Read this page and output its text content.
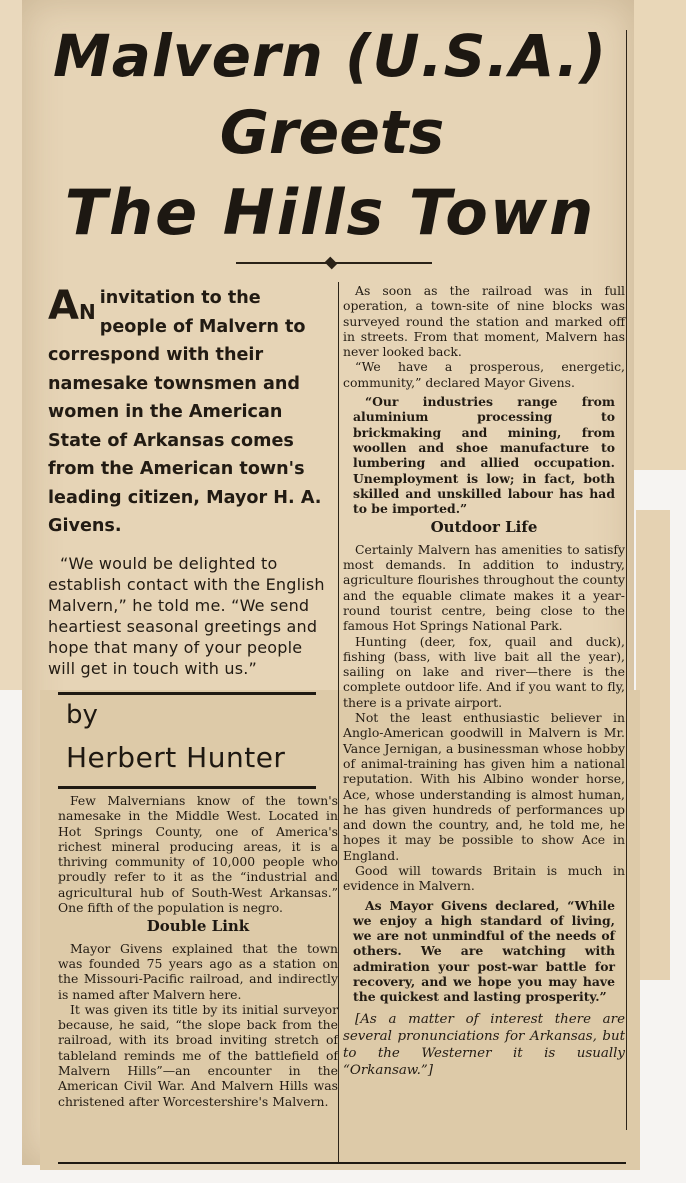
Malvern (U.S.A.)
Greets
The Hills Town
AN
invitation to the people of Malvern to correspond with their namesake townsmen and women in the American State of Arkansas comes from the American town's leading citizen, Mayor H. A. Givens.
“We would be delighted to establish contact with the English Malvern,” he told me. “We send heartiest seasonal greetings and hope that many of your people will get in touch with us.”
by
Herbert Hunter

Few Malvernians know of the town's namesake in the Middle West. Located in Hot Springs County, one of America's richest mineral producing areas, it is a thriving community of 10,000 people who proudly refer to it as the “industrial and agricultural hub of South-West Arkansas.” One fifth of the population is negro.

Double Link

Mayor Givens explained that the town was founded 75 years ago as a station on the Missouri-Pacific railroad, and indirectly is named after Malvern here.

It was given its title by its initial surveyor because, he said, “the slope back from the railroad, with its broad inviting stretch of tableland reminds me of the battlefield of Malvern Hills”—an encounter in the American Civil War. And Malvern Hills was christened after Worcestershire's Malvern.

As soon as the railroad was in full operation, a town-site of nine blocks was surveyed round the station and marked off in streets. From that moment, Malvern has never looked back.

“We have a prosperous, energetic, community,” declared Mayor Givens.

“Our industries range from aluminium processing to brickmaking and mining, from woollen and shoe manufacture to lumbering and allied occupation. Unemployment is low; in fact, both skilled and unskilled labour has had to be imported.”

Outdoor Life

Certainly Malvern has amenities to satisfy most demands. In addition to industry, agriculture flourishes throughout the county and the equable climate makes it a year-round tourist centre, being close to the famous Hot Springs National Park.

Hunting (deer, fox, quail and duck), fishing (bass, with live bait all the year), sailing on lake and river—there is the complete outdoor life. And if you want to fly, there is a private airport.

Not the least enthusiastic believer in Anglo-American goodwill in Malvern is Mr. Vance Jernigan, a businessman whose hobby of animal-training has given him a national reputation. With his Albino wonder horse, Ace, whose understanding is almost human, he has given hundreds of performances up and down the country, and, he told me, he hopes it may be possible to show Ace in England.

Good will towards Britain is much in evidence in Malvern.

As Mayor Givens declared, “While we enjoy a high standard of living, we are not unmindful of the needs of others. We are watching with admiration your post-war battle for recovery, and we hope you may have the quickest and lasting prosperity.”

[As a matter of interest there are several pronunciations for Arkansas, but to the Westerner it is usually “Orkansaw.”]
